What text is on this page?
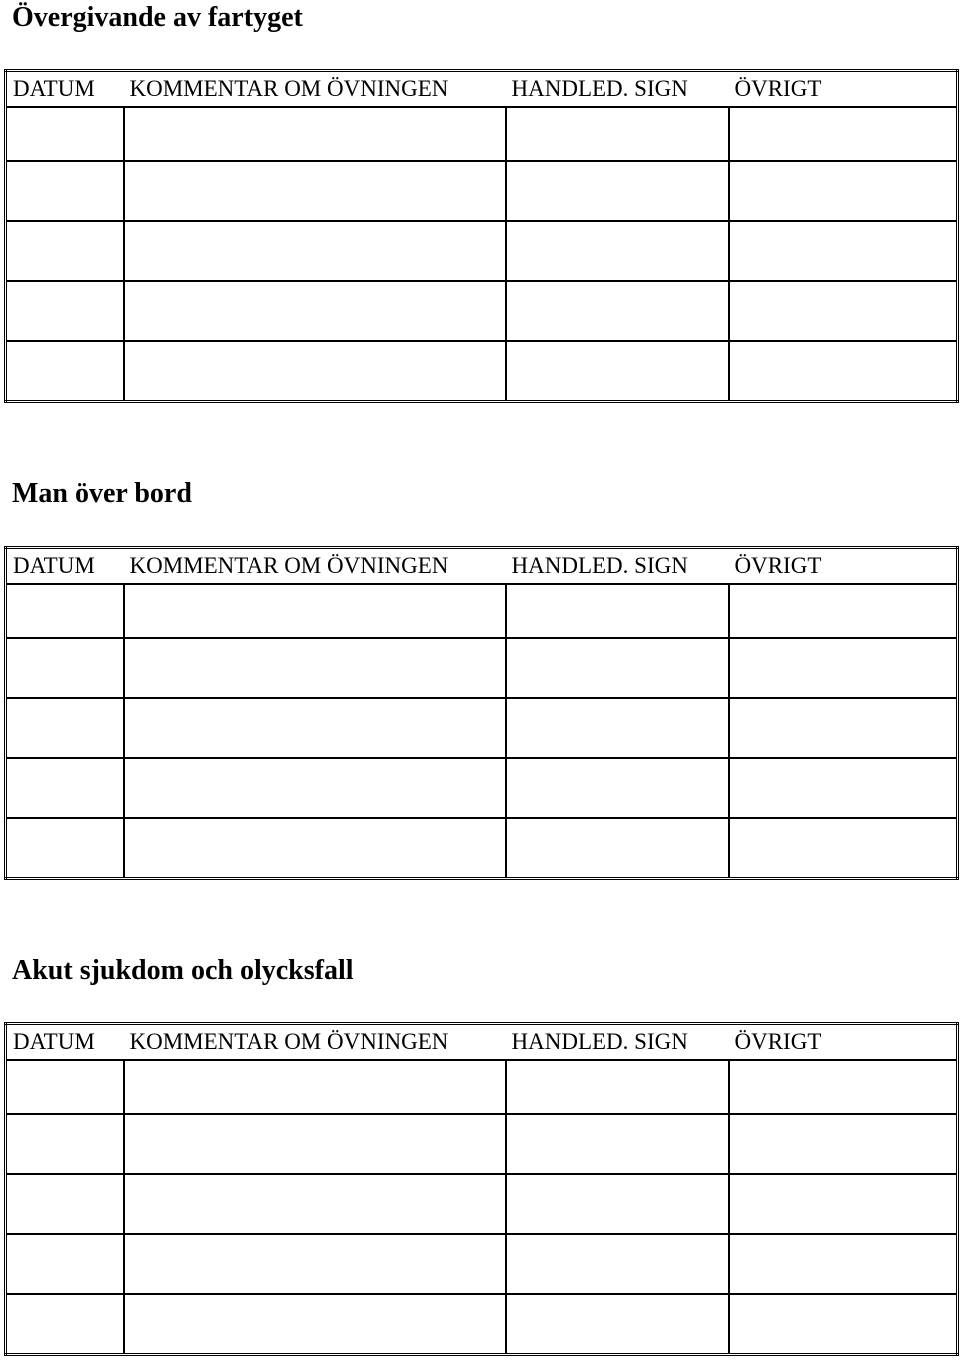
Övergivande av fartyget
DATUM	KOMMENTAR OM ÖVNINGEN	HANDLED. SIGN	ÖVRIGT

Man över bord
DATUM	KOMMENTAR OM ÖVNINGEN	HANDLED. SIGN	ÖVRIGT

Akut sjukdom och olycksfall
DATUM	KOMMENTAR OM ÖVNINGEN	HANDLED. SIGN	ÖVRIGT
